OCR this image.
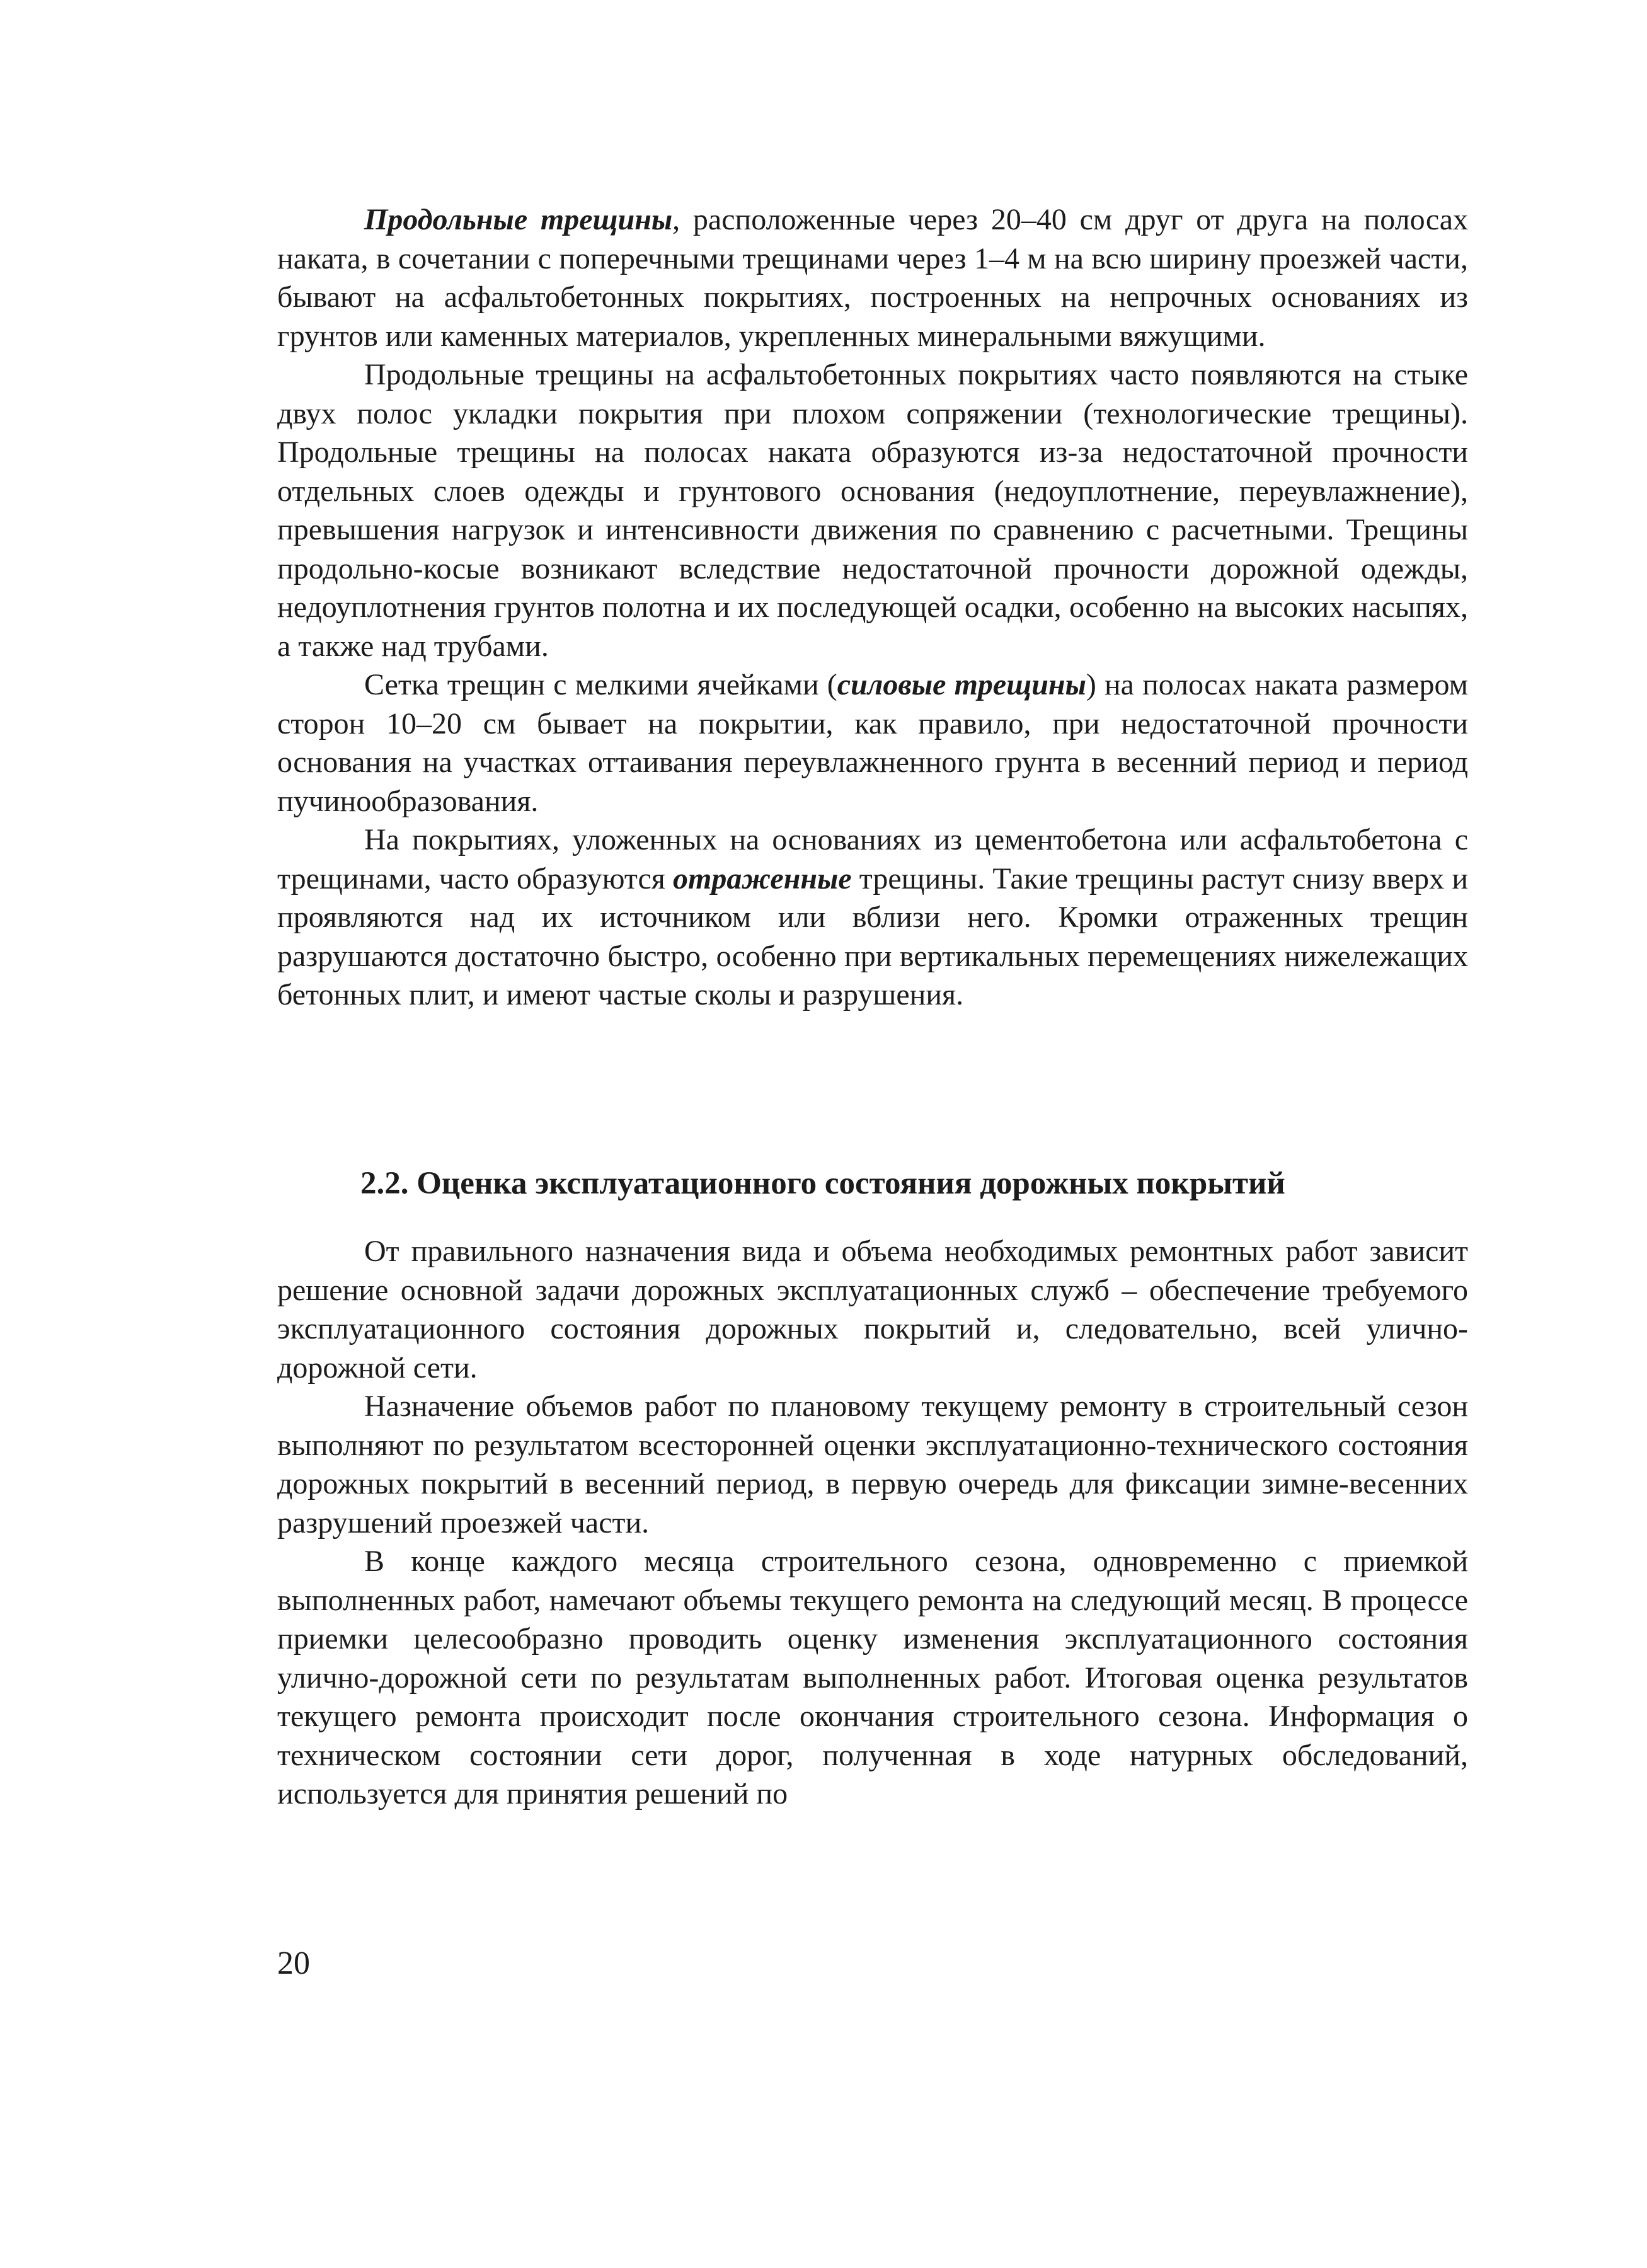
Продольные трещины, расположенные через 20–40 см друг от друга на полосах наката, в сочетании с поперечными трещинами через 1–4 м на всю ширину проезжей части, бывают на асфальтобетонных покрытиях, построенных на непрочных основаниях из грунтов или каменных материалов, укрепленных минеральными вяжущими.

Продольные трещины на асфальтобетонных покрытиях часто появляются на стыке двух полос укладки покрытия при плохом сопряжении (технологические трещины). Продольные трещины на полосах наката образуются из-за недостаточной прочности отдельных слоев одежды и грунтового основания (недоуплотнение, переувлажнение), превышения нагрузок и интенсивности движения по сравнению с расчетными. Трещины продольно-косые возникают вследствие недостаточной прочности дорожной одежды, недоуплотнения грунтов полотна и их последующей осадки, особенно на высоких насыпях, а также над трубами.

Сетка трещин с мелкими ячейками (силовые трещины) на полосах наката размером сторон 10–20 см бывает на покрытии, как правило, при недостаточной прочности основания на участках оттаивания переувлажненного грунта в весенний период и период пучинообразования.

На покрытиях, уложенных на основаниях из цементобетона или асфальтобетона с трещинами, часто образуются отраженные трещины. Такие трещины растут снизу вверх и проявляются над их источником или вблизи него. Кромки отраженных трещин разрушаются достаточно быстро, особенно при вертикальных перемещениях нижележащих бетонных плит, и имеют частые сколы и разрушения.

2.2. Оценка эксплуатационного состояния дорожных покрытий

От правильного назначения вида и объема необходимых ремонтных работ зависит решение основной задачи дорожных эксплуатационных служб – обеспечение требуемого эксплуатационного состояния дорожных покрытий и, следовательно, всей улично-дорожной сети.

Назначение объемов работ по плановому текущему ремонту в строительный сезон выполняют по результатом всесторонней оценки эксплуатационно-технического состояния дорожных покрытий в весенний период, в первую очередь для фиксации зимне-весенних разрушений проезжей части.

В конце каждого месяца строительного сезона, одновременно с приемкой выполненных работ, намечают объемы текущего ремонта на следующий месяц. В процессе приемки целесообразно проводить оценку изменения эксплуатационного состояния улично-дорожной сети по результатам выполненных работ. Итоговая оценка результатов текущего ремонта происходит после окончания строительного сезона. Информация о техническом состоянии сети дорог, полученная в ходе натурных обследований, используется для принятия решений по

20
